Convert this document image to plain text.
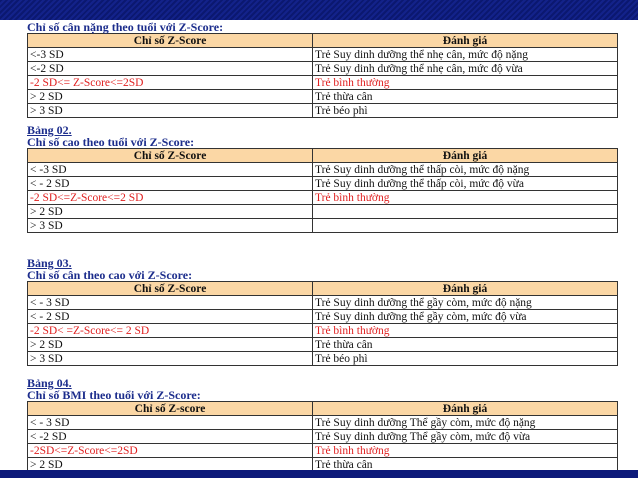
Chỉ số cân nặng theo tuổi với Z-Score:

Chỉ số Z-Score	Đánh giá
<-3 SD	Trẻ Suy dinh dưỡng thể nhẹ cân, mức độ nặng
<-2 SD	Trẻ Suy dinh dưỡng thể nhẹ cân, mức độ vừa
-2 SD<= Z-Score<=2SD	Trẻ bình thường
> 2 SD	Trẻ thừa cân
> 3 SD	Trẻ béo phì

Bảng 02.

Chỉ số cao theo tuổi với Z-Score:

Chỉ số Z-Score	Đánh giá
< -3 SD	Trẻ Suy dinh dưỡng thể thấp còi, mức độ nặng
< - 2 SD	Trẻ Suy dinh dưỡng thể thấp còi, mức độ vừa
-2 SD<=Z-Score<=2 SD	Trẻ bình thường
> 2 SD	
> 3 SD	

Bảng 03.

Chỉ số cân theo cao với Z-Score:

Chỉ số Z-Score	Đánh giá
< - 3 SD	Trẻ Suy dinh dưỡng thể gầy còm, mức độ nặng
< - 2 SD	Trẻ Suy dinh dưỡng thể gầy còm, mức độ vừa
-2 SD< =Z-Score<= 2 SD	Trẻ bình thường
> 2 SD	Trẻ thừa cân
> 3 SD	Trẻ béo phì

Bảng 04.

Chỉ số BMI theo tuổi với Z-Score:

Chỉ số Z-score	Đánh giá
< - 3 SD	Trẻ Suy dinh dưỡng Thể gầy còm, mức độ nặng
< -2 SD	Trẻ Suy dinh dưỡng Thể gầy còm, mức độ vừa
-2SD<=Z-Score<=2SD	Trẻ bình thường
> 2 SD	Trẻ thừa cân
